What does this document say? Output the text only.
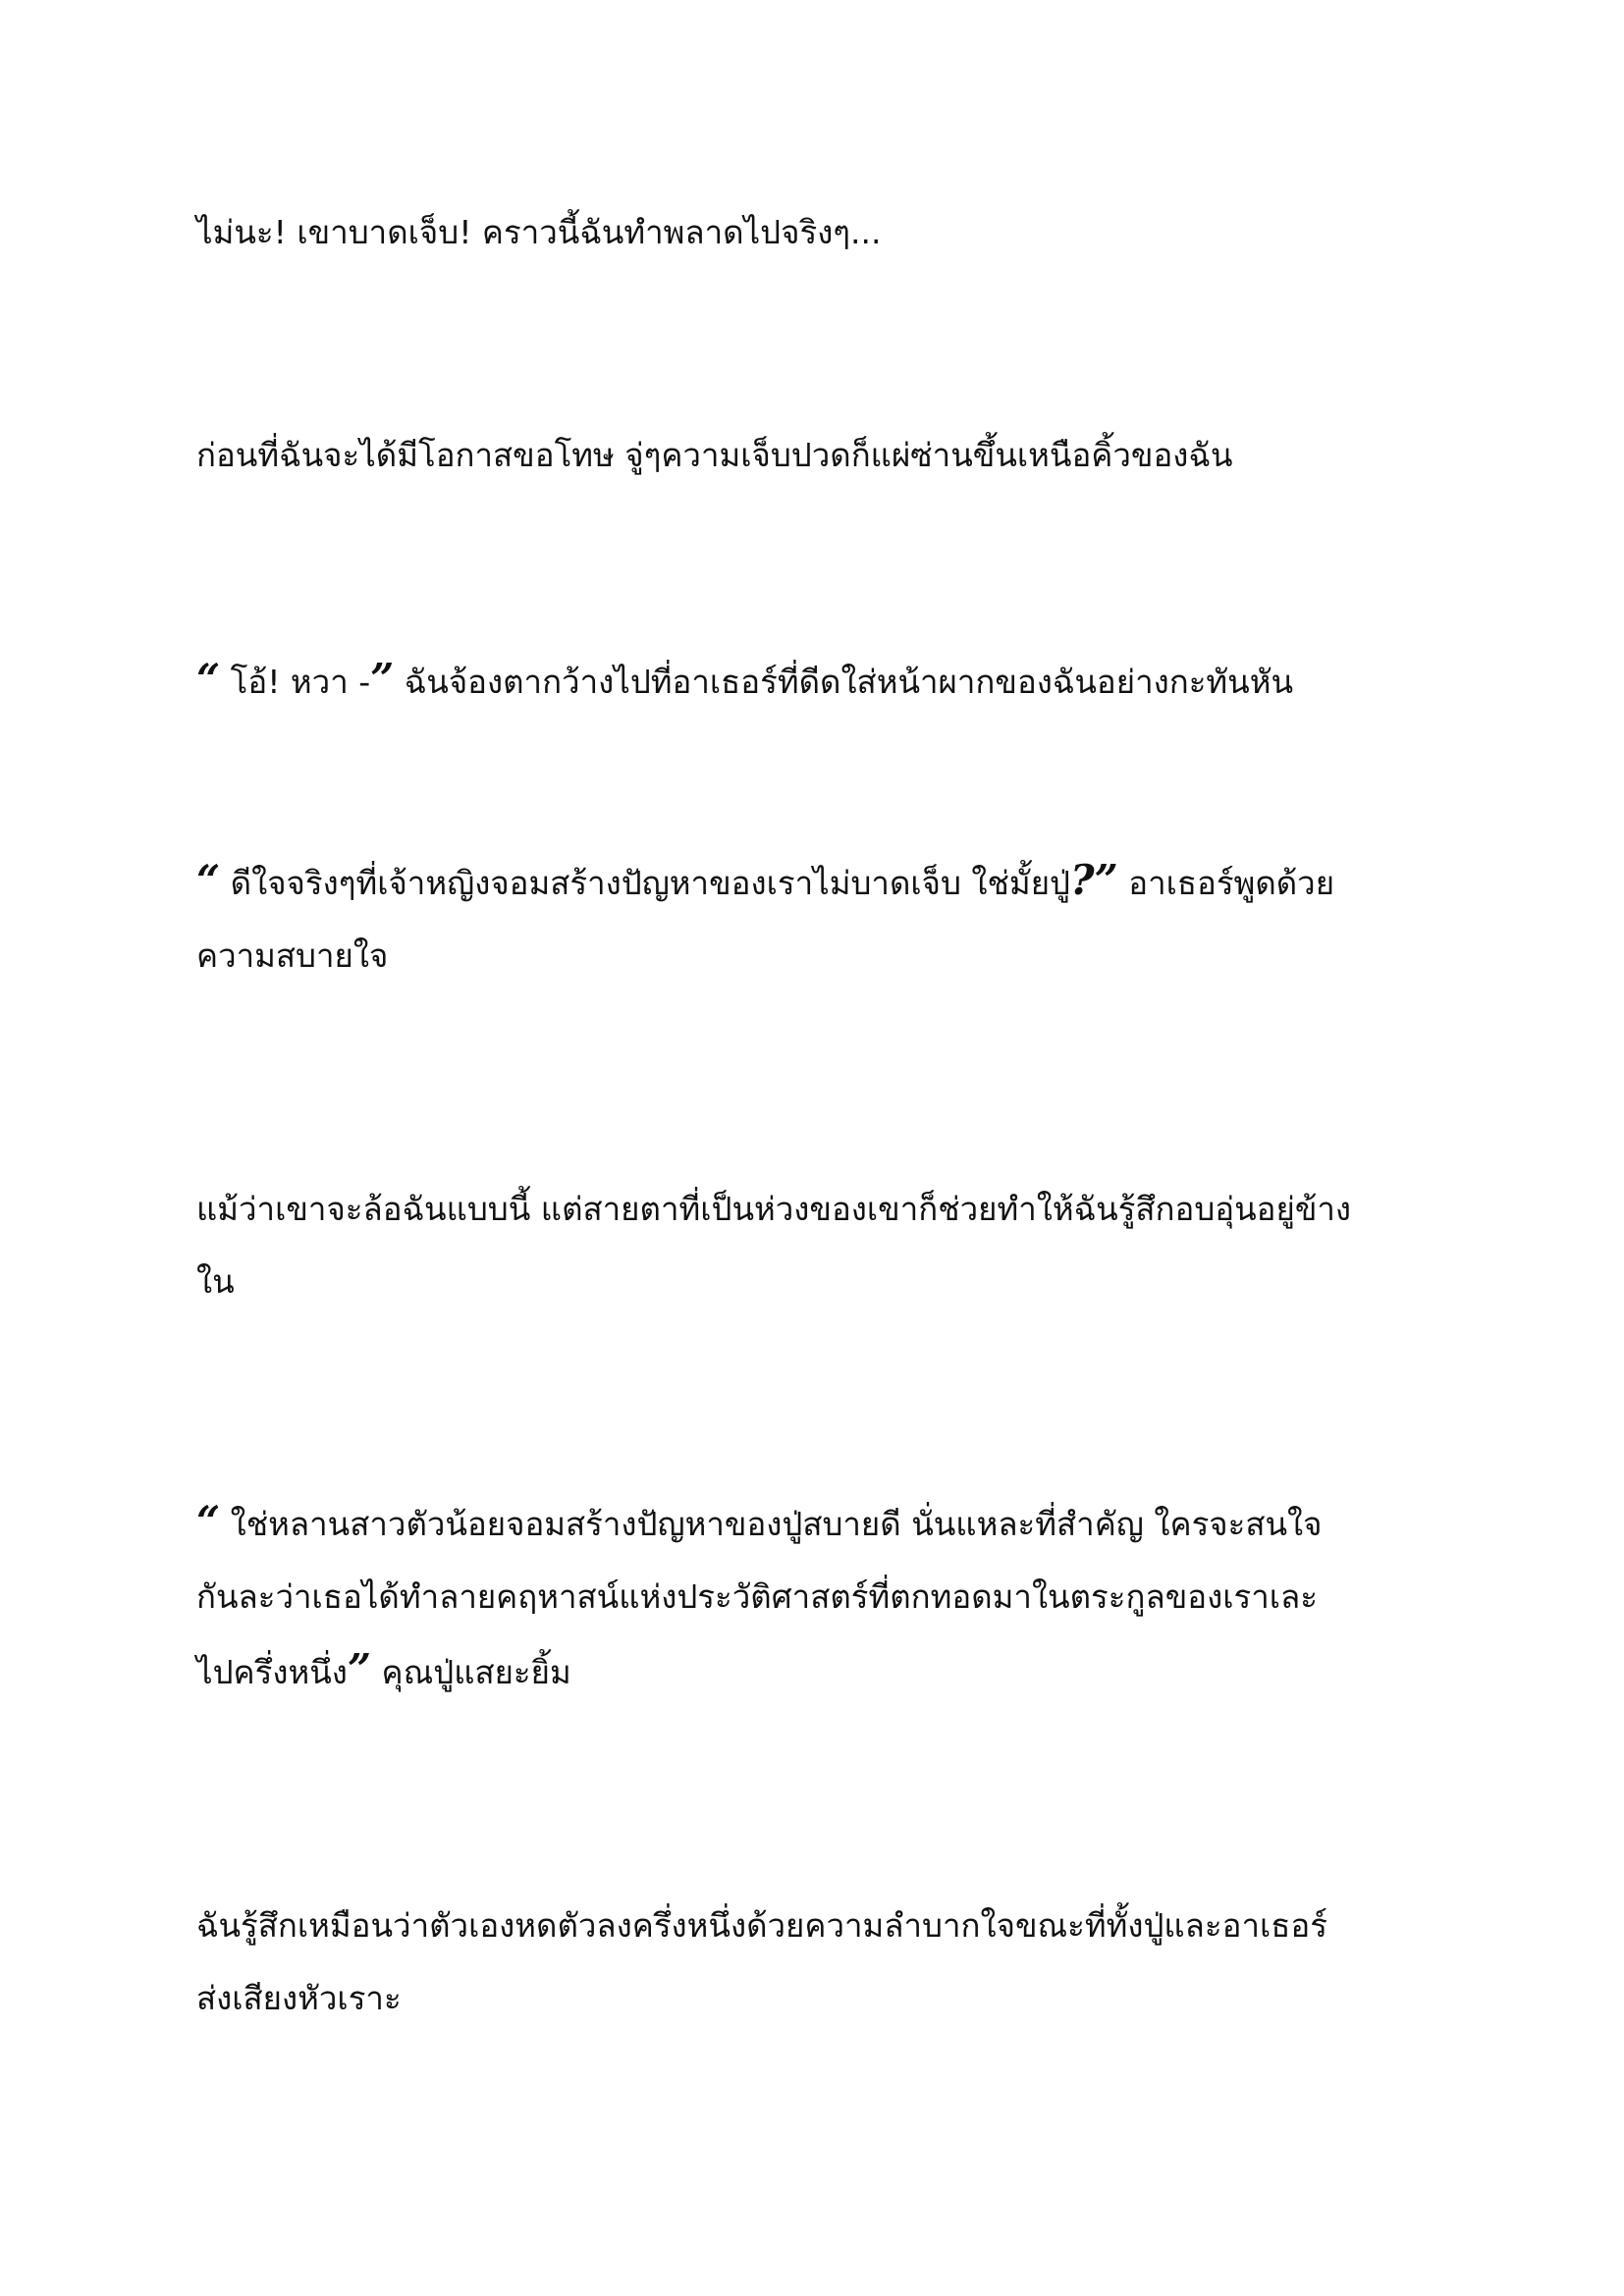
ไม่นะ! เขาบาดเจ็บ! คราวนี้ฉันทำพลาดไปจริงๆ...

ก่อนที่ฉันจะได้มีโอกาสขอโทษ จู่ๆความเจ็บปวดก็แผ่ซ่านขึ้นเหนือคิ้วของฉัน

“ โอ้! หวา -” ฉันจ้องตากว้างไปที่อาเธอร์ที่ดีดใส่หน้าผากของฉันอย่างกะทันหัน

“ ดีใจจริงๆที่เจ้าหญิงจอมสร้างปัญหาของเราไม่บาดเจ็บ ใช่มั้ยปู่?” อาเธอร์พูดด้วย
ความสบายใจ

แม้ว่าเขาจะล้อฉันแบบนี้ แต่สายตาที่เป็นห่วงของเขาก็ช่วยทำให้ฉันรู้สึกอบอุ่นอยู่ข้าง
ใน

“ ใช่หลานสาวตัวน้อยจอมสร้างปัญหาของปู่สบายดี นั่นแหละที่สำคัญ ใครจะสนใจ
กันละว่าเธอได้ทำลายคฤหาสน์แห่งประวัติศาสตร์ที่ตกทอดมาในตระกูลของเราเละ
ไปครึ่งหนึ่ง” คุณปู่แสยะยิ้ม

ฉันรู้สึกเหมือนว่าตัวเองหดตัวลงครึ่งหนึ่งด้วยความลำบากใจขณะที่ทั้งปู่และอาเธอร์
ส่งเสียงหัวเราะ
